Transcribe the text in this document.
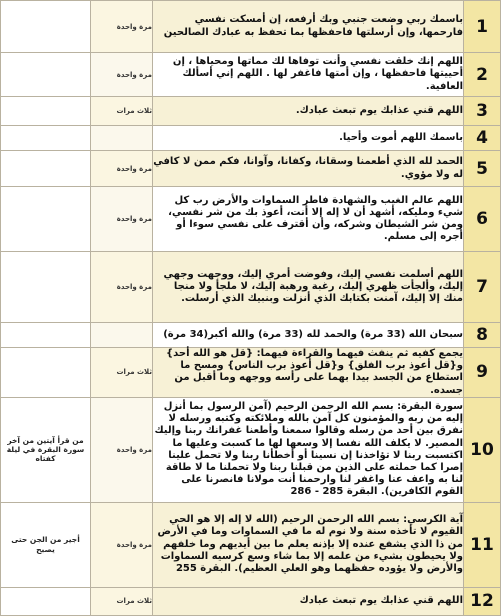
	مرة واحدة	باسمك ربي وضعت جنبي وبك أرفعه، إن أمسكت نفسي فارحمها، وإن أرسلتها فاحفظها بما تحفظ به عبادك الصالحين	1
	مرة واحدة	اللهم إنك خلقت نفسي وأنت توفاها لك مماتها ومحياها ، إن أحييتها فاحفظها ، وإن أمتها فاغفر لها . اللهم إني أسألك العافية.	2
	ثلاث مرات	اللهم قني عذابك يوم تبعث عبادك.	3
		باسمك اللهم أموت وأحيا.	4
	مرة واحدة	الحمد لله الذي أطعمنا وسقانا، وكفانا، وآوانا، فكم ممن لا كافي له ولا مؤوي.	5
	مرة واحدة	اللهم عالم الغيب والشهادة فاطر السماوات والأرض رب كل شيء ومليكه، أشهد أن لا إله إلا أنت، أعوذ بك من شر نفسي، ومن شر الشيطان وشركه، وأن أقترف على نفسي سوءا أو أجره إلى مسلم.	6
	مرة واحدة	اللهم أسلمت نفسي إليك، وفوضت أمري إليك، ووجهت وجهي إليك، وألجأت ظهري إليك، رغبة ورهبة إليك، لا ملجأ ولا منجا منك إلا إليك، آمنت بكتابك الذي أنزلت وبنبيك الذي أرسلت.	7
		سبحان الله (33 مرة) والحمد لله (33 مرة) والله أكبر(34 مرة)	8
	ثلاث مرات	يجمع كفيه ثم ينفث فيهما والقراءة فيهما: {قل هو الله أحد} و{قل أعوذ برب الفلق} و{قل أعوذ برب الناس} ومسح ما استطاع من الجسد بيدا بهما على رأسه ووجهه وما أقبل من جسده.	9
من قرأ آيتين من آخر سورة البقرة في ليلة كفتاه	مرة واحدة	سورة البقرة: بسم الله الرحمن الرحيم (آمن الرسول بما أنزل إليه من ربه والمؤمنون كل آمن بالله وملائكته وكتبه ورسله لا نفرق بين أحد من رسله وقالوا سمعنا وأطعنا غفرانك ربنا وإليك المصير. لا يكلف الله نفسا إلا وسعها لها ما كسبت وعليها ما اكتسبت ربنا لا تؤاخذنا إن نسينا أو أخطأنا ربنا ولا تحمل علينا إصرا كما حملته على الذين من قبلنا ربنا ولا تحملنا ما لا طاقة لنا به واعف عنا واغفر لنا وارحمنا أنت مولانا فانصرنا على القوم الكافرين). البقرة 285 - 286	10
أجير من الجن حتى يصبح	مرة واحدة	آية الكرسي: بسم الله الرحمن الرحيم (الله لا إله إلا هو الحي القيوم لا تأخذه سنة ولا نوم له ما في السماوات وما في الأرض من ذا الذي يشفع عنده إلا بإذنه يعلم ما بين أيديهم وما خلفهم ولا يحيطون بشيء من علمه إلا بما شاء وسع كرسيه السماوات والأرض ولا يؤوده حفظهما وهو العلي العظيم). البقرة 255	11
	ثلاث مرات	اللهم قني عذابك يوم تبعث عبادك	12
